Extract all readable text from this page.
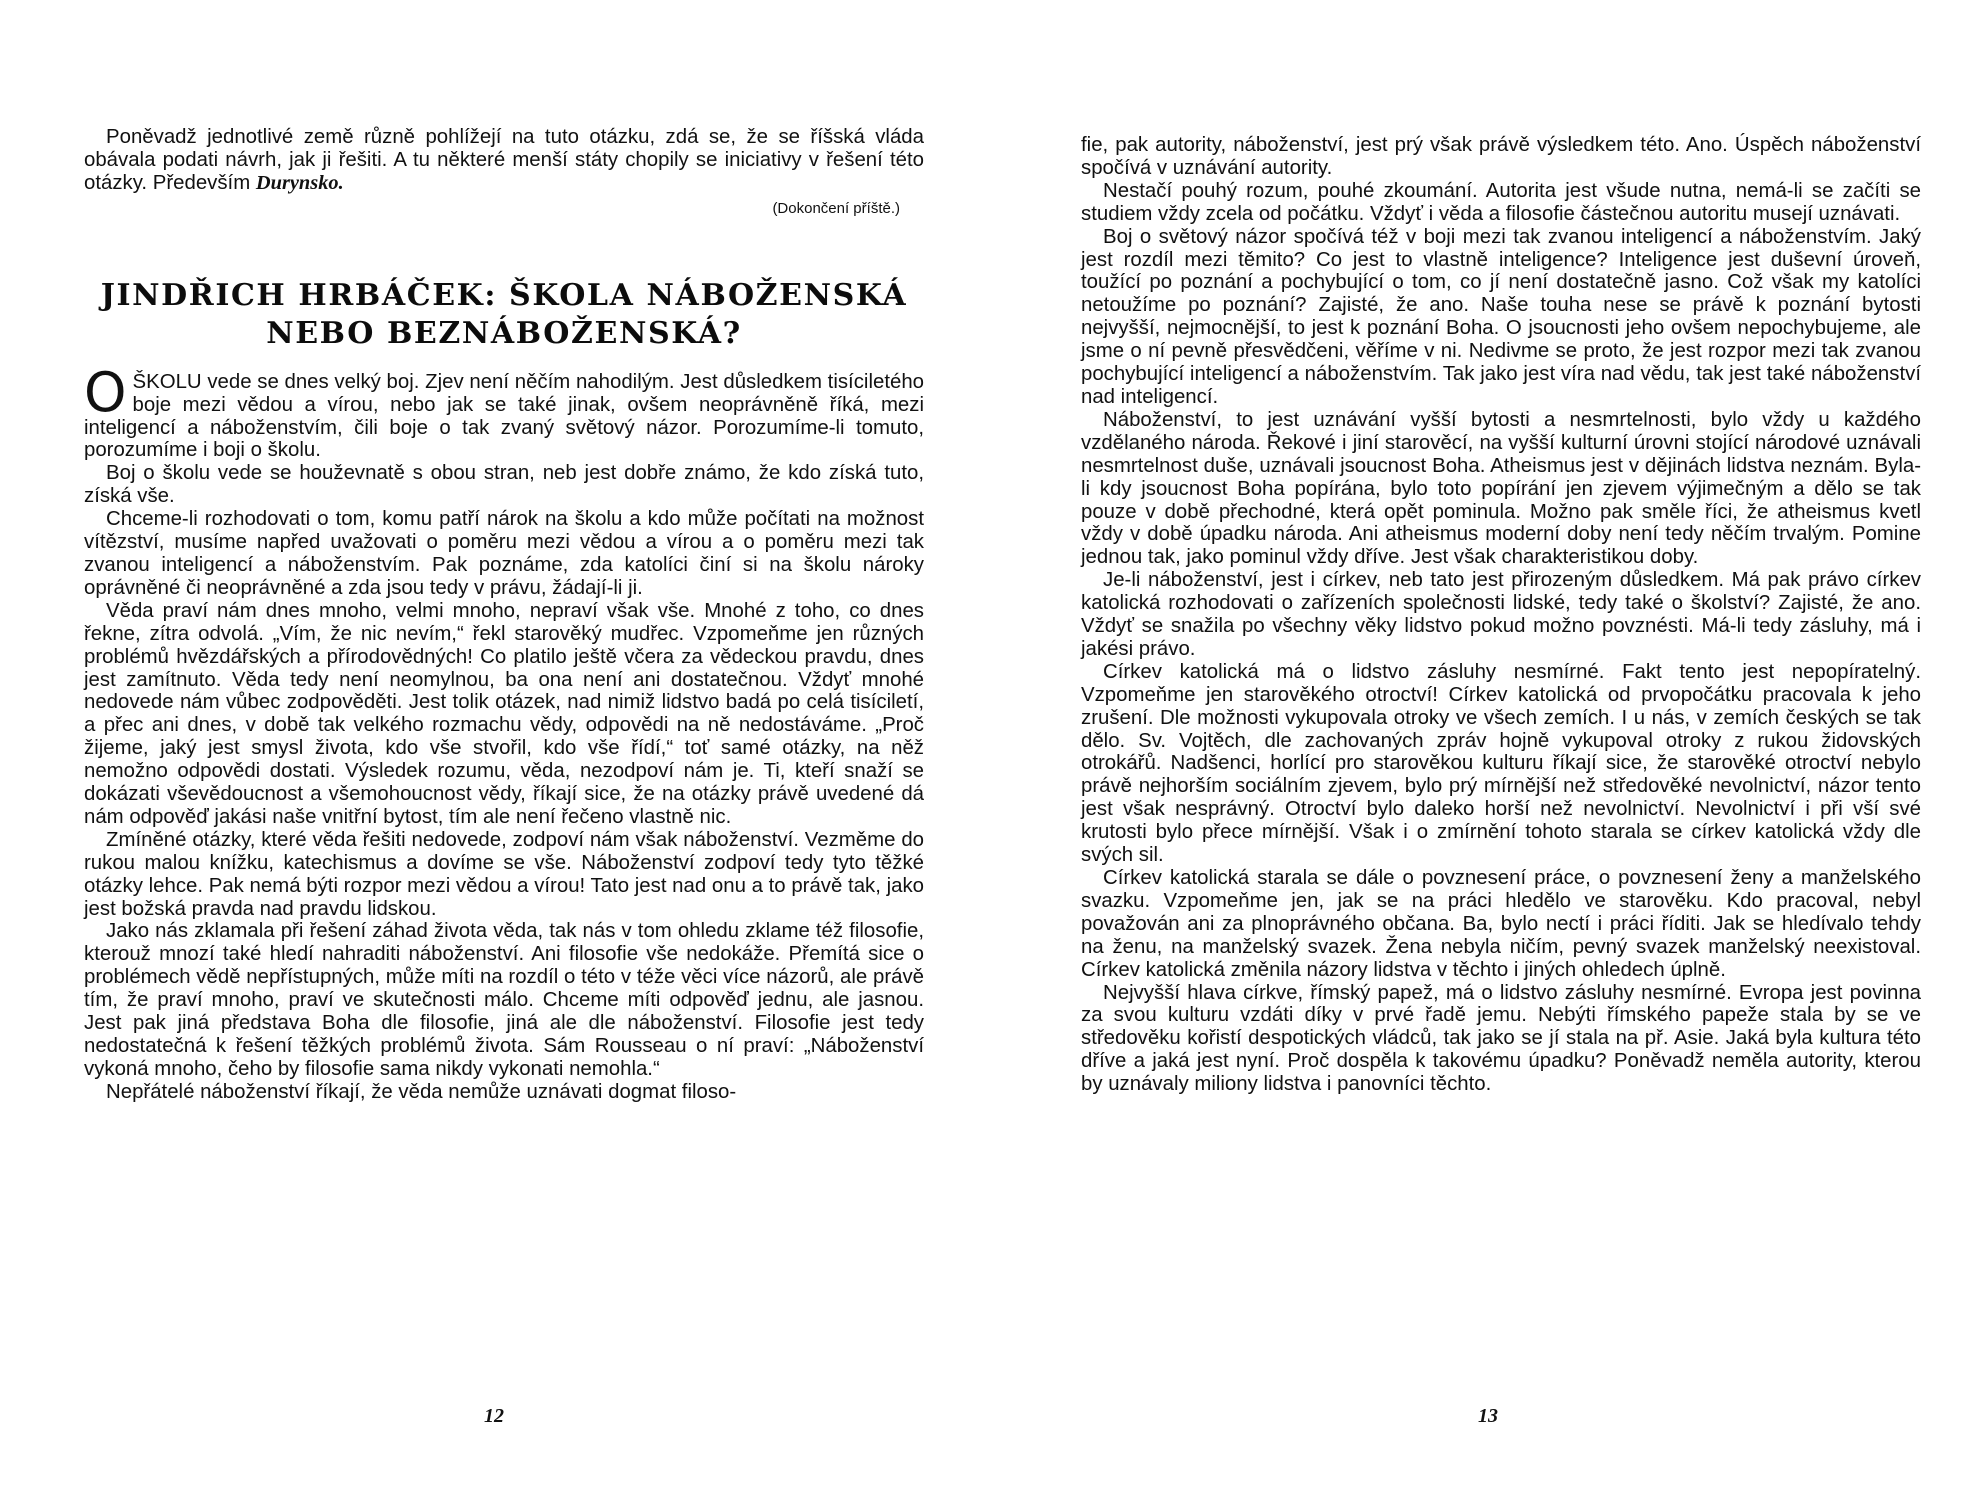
Poněvadž jednotlivé země různě pohlížejí na tuto otázku, zdá se, že se říšská vláda obávala podati návrh, jak ji řešiti. A tu některé menší státy chopily se iniciativy v řešení této otázky. Především Durynsko.

(Dokončení příště.)

JINDŘICH HRBÁČEK: ŠKOLA NÁBOŽENSKÁ
NEBO BEZNÁBOŽENSKÁ?

OŠKOLU vede se dnes velký boj. Zjev není něčím nahodilým. Jest důsledkem tisíciletého boje mezi vědou a vírou, nebo jak se také jinak, ovšem neoprávněně říká, mezi inteligencí a náboženstvím, čili boje o tak zvaný světový názor. Porozumíme-li tomuto, porozumíme i boji o školu.

Boj o školu vede se houževnatě s obou stran, neb jest dobře známo, že kdo získá tuto, získá vše.

Chceme-li rozhodovati o tom, komu patří nárok na školu a kdo může počítati na možnost vítězství, musíme napřed uvažovati o poměru mezi vědou a vírou a o poměru mezi tak zvanou inteligencí a náboženstvím. Pak poznáme, zda katolíci činí si na školu nároky oprávněné či neoprávněné a zda jsou tedy v právu, žádají-li ji.

Věda praví nám dnes mnoho, velmi mnoho, nepraví však vše. Mnohé z toho, co dnes řekne, zítra odvolá. „Vím, že nic nevím,“ řekl starověký mudřec. Vzpomeňme jen různých problémů hvězdářských a přírodovědných! Co platilo ještě včera za vědeckou pravdu, dnes jest zamítnuto. Věda tedy není neomylnou, ba ona není ani dostatečnou. Vždyť mnohé nedovede nám vůbec zodpověděti. Jest tolik otázek, nad nimiž lidstvo badá po celá tisíciletí, a přec ani dnes, v době tak velkého rozmachu vědy, odpovědi na ně nedostáváme. „Proč žijeme, jaký jest smysl života, kdo vše stvořil, kdo vše řídí,“ toť samé otázky, na něž nemožno odpovědi dostati. Výsledek rozumu, věda, nezodpoví nám je. Ti, kteří snaží se dokázati vševědoucnost a všemohoucnost vědy, říkají sice, že na otázky právě uvedené dá nám odpověď jakási naše vnitřní bytost, tím ale není řečeno vlastně nic.

Zmíněné otázky, které věda řešiti nedovede, zodpoví nám však náboženství. Vezměme do rukou malou knížku, katechismus a dovíme se vše. Náboženství zodpoví tedy tyto těžké otázky lehce. Pak nemá býti rozpor mezi vědou a vírou! Tato jest nad onu a to právě tak, jako jest božská pravda nad pravdu lidskou.

Jako nás zklamala při řešení záhad života věda, tak nás v tom ohledu zklame též filosofie, kterouž mnozí také hledí nahraditi náboženství. Ani filosofie vše nedokáže. Přemítá sice o problémech vědě nepřístupných, může míti na rozdíl o této v téže věci více názorů, ale právě tím, že praví mnoho, praví ve skutečnosti málo. Chceme míti odpověď jednu, ale jasnou. Jest pak jiná představa Boha dle filosofie, jiná ale dle náboženství. Filosofie jest tedy nedostatečná k řešení těžkých problémů života. Sám Rousseau o ní praví: „Náboženství vykoná mnoho, čeho by filosofie sama nikdy vykonati nemohla.“

Nepřátelé náboženství říkají, že věda nemůže uznávati dogmat filoso-

12

fie, pak autority, náboženství, jest prý však právě výsledkem této. Ano. Úspěch náboženství spočívá v uznávání autority.

Nestačí pouhý rozum, pouhé zkoumání. Autorita jest všude nutna, nemá-li se začíti se studiem vždy zcela od počátku. Vždyť i věda a filosofie částečnou autoritu musejí uznávati.

Boj o světový názor spočívá též v boji mezi tak zvanou inteligencí a náboženstvím. Jaký jest rozdíl mezi těmito? Co jest to vlastně inteligence? Inteligence jest duševní úroveň, toužící po poznání a pochybující o tom, co jí není dostatečně jasno. Což však my katolíci netoužíme po poznání? Zajisté, že ano. Naše touha nese se právě k poznání bytosti nejvyšší, nejmocnější, to jest k poznání Boha. O jsoucnosti jeho ovšem nepochybujeme, ale jsme o ní pevně přesvědčeni, věříme v ni. Nedivme se proto, že jest rozpor mezi tak zvanou pochybující inteligencí a náboženstvím. Tak jako jest víra nad vědu, tak jest také náboženství nad inteligencí.

Náboženství, to jest uznávání vyšší bytosti a nesmrtelnosti, bylo vždy u každého vzdělaného národa. Řekové i jiní starověcí, na vyšší kulturní úrovni stojící národové uznávali nesmrtelnost duše, uznávali jsoucnost Boha. Atheismus jest v dějinách lidstva neznám. Byla-li kdy jsoucnost Boha popírána, bylo toto popírání jen zjevem výjimečným a dělo se tak pouze v době přechodné, která opět pominula. Možno pak směle říci, že atheismus kvetl vždy v době úpadku národa. Ani atheismus moderní doby není tedy něčím trvalým. Pomine jednou tak, jako pominul vždy dříve. Jest však charakteristikou doby.

Je-li náboženství, jest i církev, neb tato jest přirozeným důsledkem. Má pak právo církev katolická rozhodovati o zařízeních společnosti lidské, tedy také o školství? Zajisté, že ano. Vždyť se snažila po všechny věky lidstvo pokud možno povznésti. Má-li tedy zásluhy, má i jakési právo.

Církev katolická má o lidstvo zásluhy nesmírné. Fakt tento jest nepopíratelný. Vzpomeňme jen starověkého otroctví! Církev katolická od prvopočátku pracovala k jeho zrušení. Dle možnosti vykupovala otroky ve všech zemích. I u nás, v zemích českých se tak dělo. Sv. Vojtěch, dle zachovaných zpráv hojně vykupoval otroky z rukou židovských otrokářů. Nadšenci, horlící pro starověkou kulturu říkají sice, že starověké otroctví nebylo právě nejhorším sociálním zjevem, bylo prý mírnější než středověké nevolnictví, názor tento jest však nesprávný. Otroctví bylo daleko horší než nevolnictví. Nevolnictví i při vší své krutosti bylo přece mírnější. Však i o zmírnění tohoto starala se církev katolická vždy dle svých sil.

Církev katolická starala se dále o povznesení práce, o povznesení ženy a manželského svazku. Vzpomeňme jen, jak se na práci hledělo ve starověku. Kdo pracoval, nebyl považován ani za plnoprávného občana. Ba, bylo nectí i práci říditi. Jak se hledívalo tehdy na ženu, na manželský svazek. Žena nebyla ničím, pevný svazek manželský neexistoval. Církev katolická změnila názory lidstva v těchto i jiných ohledech úplně.

Nejvyšší hlava církve, římský papež, má o lidstvo zásluhy nesmírné. Evropa jest povinna za svou kulturu vzdáti díky v prvé řadě jemu. Nebýti římského papeže stala by se ve středověku kořistí despotických vládců, tak jako se jí stala na př. Asie. Jaká byla kultura této dříve a jaká jest nyní. Proč dospěla k takovému úpadku? Poněvadž neměla autority, kterou by uznávaly miliony lidstva i panovníci těchto.

13
